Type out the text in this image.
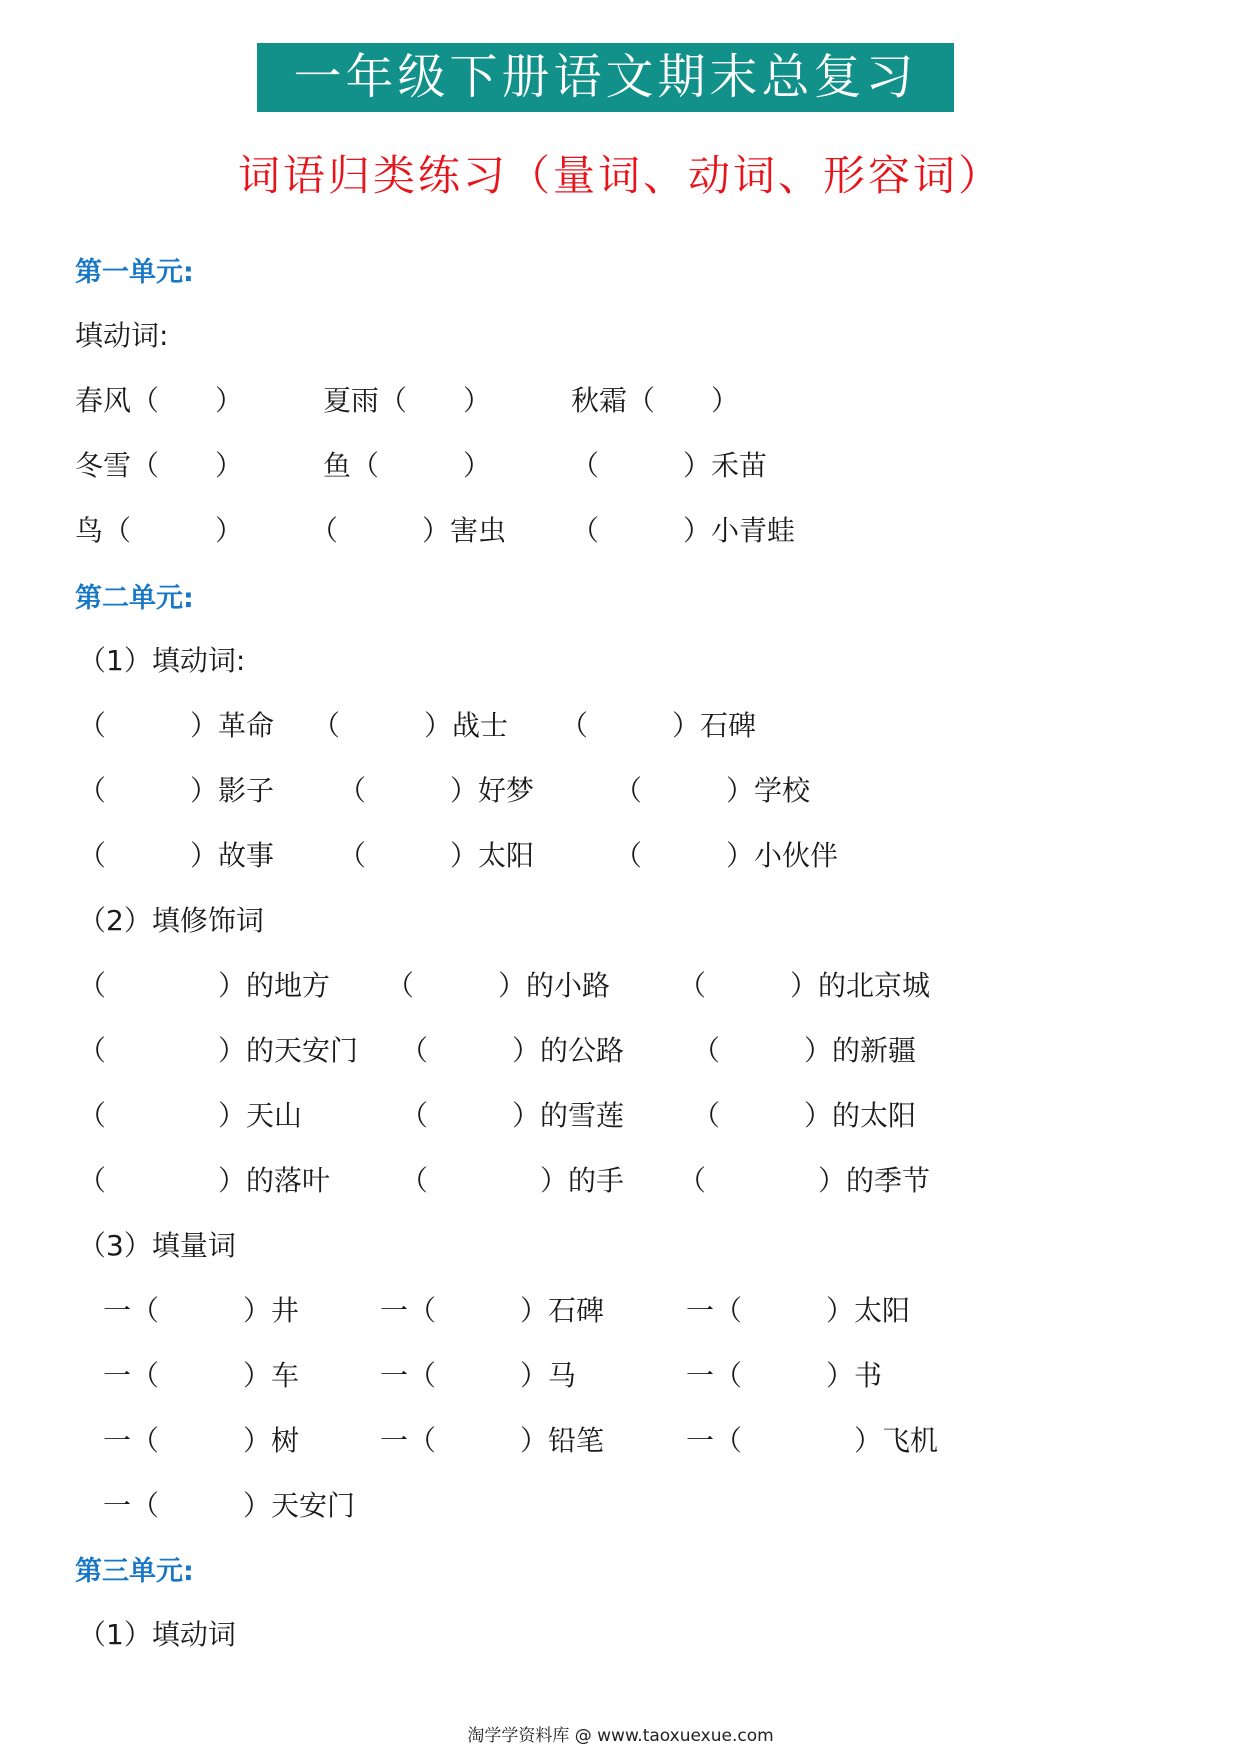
一年级下册语文期末总复习
词语归类练习（量词、动词、形容词）
第一单元:
填动词:
春风（　　）	夏雨（　　）	秋霜（　　）
冬雪（　　）	鱼（　　　）	（　　　）禾苗
鸟（　　　） （　　　）害虫 （　　　）小青蛙
第二单元:
（1）填动词:
（　　　）革命 （　　　）战士 （　　　）石碑
（　　　）影子 （　　　）好梦	（　　　）学校
（　　　）故事 （　　　）太阳	（　　　）小伙伴
（2）填修饰词
（　　　　）的地方 （　　　）的小路 （　　　）的北京城
（　　　　）的天安门 （　　　）的公路 （　　　）的新疆
（　　　　）天山	（　　　）的雪莲 （　　　）的太阳
（　　　　）的落叶 （　　　　）的手 （　　　　）的季节
（3）填量词
一（　　　）井	一（　　　）石碑	一（　　　）太阳
一（　　　）车	一（　　　）马	一（　　　）书
一（　　　）树	一（　　　）铅笔	一（　　　　）飞机
一（　　　）天安门
第三单元:
（1）填动词
淘学学资料库 @ www.taoxuexue.com
